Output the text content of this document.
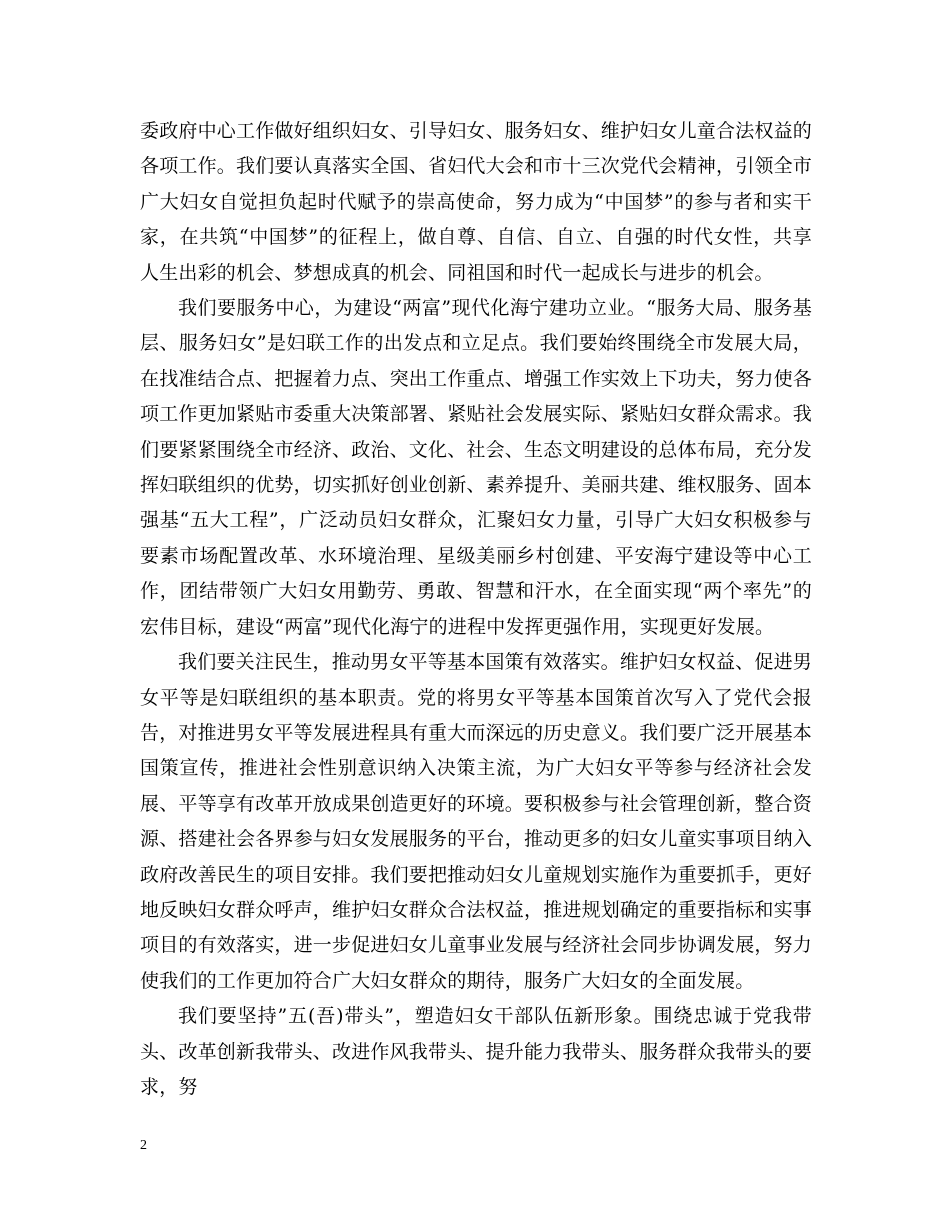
委政府中心工作做好组织妇女、引导妇女、服务妇女、维护妇女儿童合法权益的各项工作。我们要认真落实全国、省妇代大会和市十三次党代会精神，引领全市广大妇女自觉担负起时代赋予的崇高使命，努力成为“中国梦”的参与者和实干家，在共筑“中国梦”的征程上，做自尊、自信、自立、自强的时代女性，共享人生出彩的机会、梦想成真的机会、同祖国和时代一起成长与进步的机会。

我们要服务中心，为建设“两富”现代化海宁建功立业。“服务大局、服务基层、服务妇女”是妇联工作的出发点和立足点。我们要始终围绕全市发展大局，在找准结合点、把握着力点、突出工作重点、增强工作实效上下功夫，努力使各项工作更加紧贴市委重大决策部署、紧贴社会发展实际、紧贴妇女群众需求。我们要紧紧围绕全市经济、政治、文化、社会、生态文明建设的总体布局，充分发挥妇联组织的优势，切实抓好创业创新、素养提升、美丽共建、维权服务、固本强基“五大工程”，广泛动员妇女群众，汇聚妇女力量，引导广大妇女积极参与要素市场配置改革、水环境治理、星级美丽乡村创建、平安海宁建设等中心工作，团结带领广大妇女用勤劳、勇敢、智慧和汗水，在全面实现“两个率先”的宏伟目标，建设“两富”现代化海宁的进程中发挥更强作用，实现更好发展。

我们要关注民生，推动男女平等基本国策有效落实。维护妇女权益、促进男女平等是妇联组织的基本职责。党的将男女平等基本国策首次写入了党代会报告，对推进男女平等发展进程具有重大而深远的历史意义。我们要广泛开展基本国策宣传，推进社会性别意识纳入决策主流，为广大妇女平等参与经济社会发展、平等享有改革开放成果创造更好的环境。要积极参与社会管理创新，整合资源、搭建社会各界参与妇女发展服务的平台，推动更多的妇女儿童实事项目纳入政府改善民生的项目安排。我们要把推动妇女儿童规划实施作为重要抓手，更好地反映妇女群众呼声，维护妇女群众合法权益，推进规划确定的重要指标和实事项目的有效落实，进一步促进妇女儿童事业发展与经济社会同步协调发展，努力使我们的工作更加符合广大妇女群众的期待，服务广大妇女的全面发展。

我们要坚持”五(吾)带头”，塑造妇女干部队伍新形象。围绕忠诚于党我带头、改革创新我带头、改进作风我带头、提升能力我带头、服务群众我带头的要求，努

2
